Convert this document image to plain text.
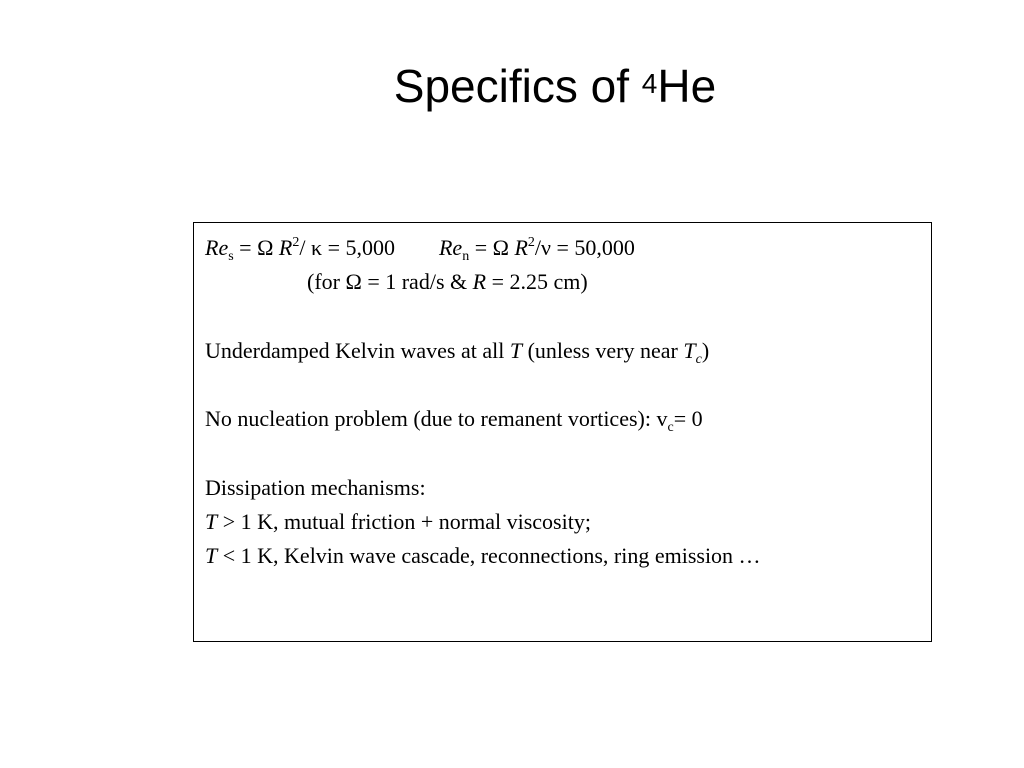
Specifics of $^4$He
$Re_s = \Omega$ $R^2/$ κ = 5,000 $Re_n = \Omega$ $R^2/\nu = 50,000$
(for Ω = 1 rad/s & R = 2.25 cm)
Underdamped Kelvin waves at all T (unless very near $T_c$)
No nucleation problem (due to remanent vortices): $v_c= 0$
Dissipation mechanisms:
T > 1 K, mutual friction + normal viscosity;
T < 1 K, Kelvin wave cascade, reconnections, ring emission …
